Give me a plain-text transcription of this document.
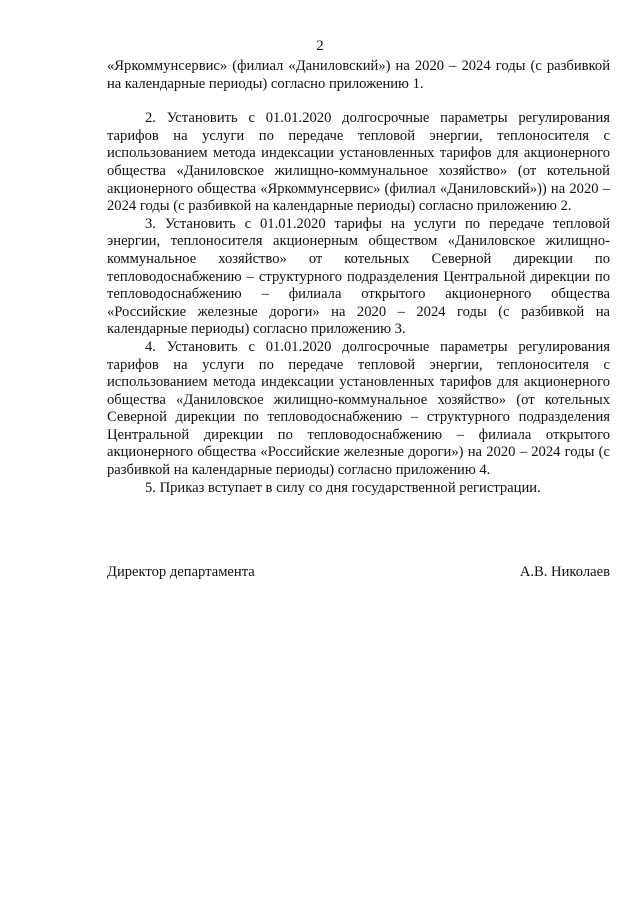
2

«Яркоммунсервис» (филиал «Даниловский») на 2020 – 2024 годы (с разбивкой на календарные периоды) согласно приложению 1.

2. Установить с 01.01.2020 долгосрочные параметры регулирования тарифов на услуги по передаче тепловой энергии, теплоносителя с использованием метода индексации установленных тарифов для акционерного общества «Даниловское жилищно-коммунальное хозяйство» (от котельной акционерного общества «Яркоммунсервис» (филиал «Даниловский»)) на 2020 – 2024 годы (с разбивкой на календарные периоды) согласно приложению 2.

3. Установить с 01.01.2020 тарифы на услуги по передаче тепловой энергии, теплоносителя акционерным обществом «Даниловское жилищно-коммунальное хозяйство» от котельных Северной дирекции по тепловодоснабжению – структурного подразделения Центральной дирекции по тепловодоснабжению – филиала открытого акционерного общества «Российские железные дороги» на 2020 – 2024 годы (с разбивкой на календарные периоды) согласно приложению 3.

4. Установить с 01.01.2020 долгосрочные параметры регулирования тарифов на услуги по передаче тепловой энергии, теплоносителя с использованием метода индексации установленных тарифов для акционерного общества «Даниловское жилищно-коммунальное хозяйство» (от котельных Северной дирекции по тепловодоснабжению – структурного подразделения Центральной дирекции по тепловодоснабжению – филиала открытого акционерного общества «Российские железные дороги») на 2020 – 2024 годы (с разбивкой на календарные периоды) согласно приложению 4.

5. Приказ вступает в силу со дня государственной регистрации.

Директор департамента	А.В. Николаев
